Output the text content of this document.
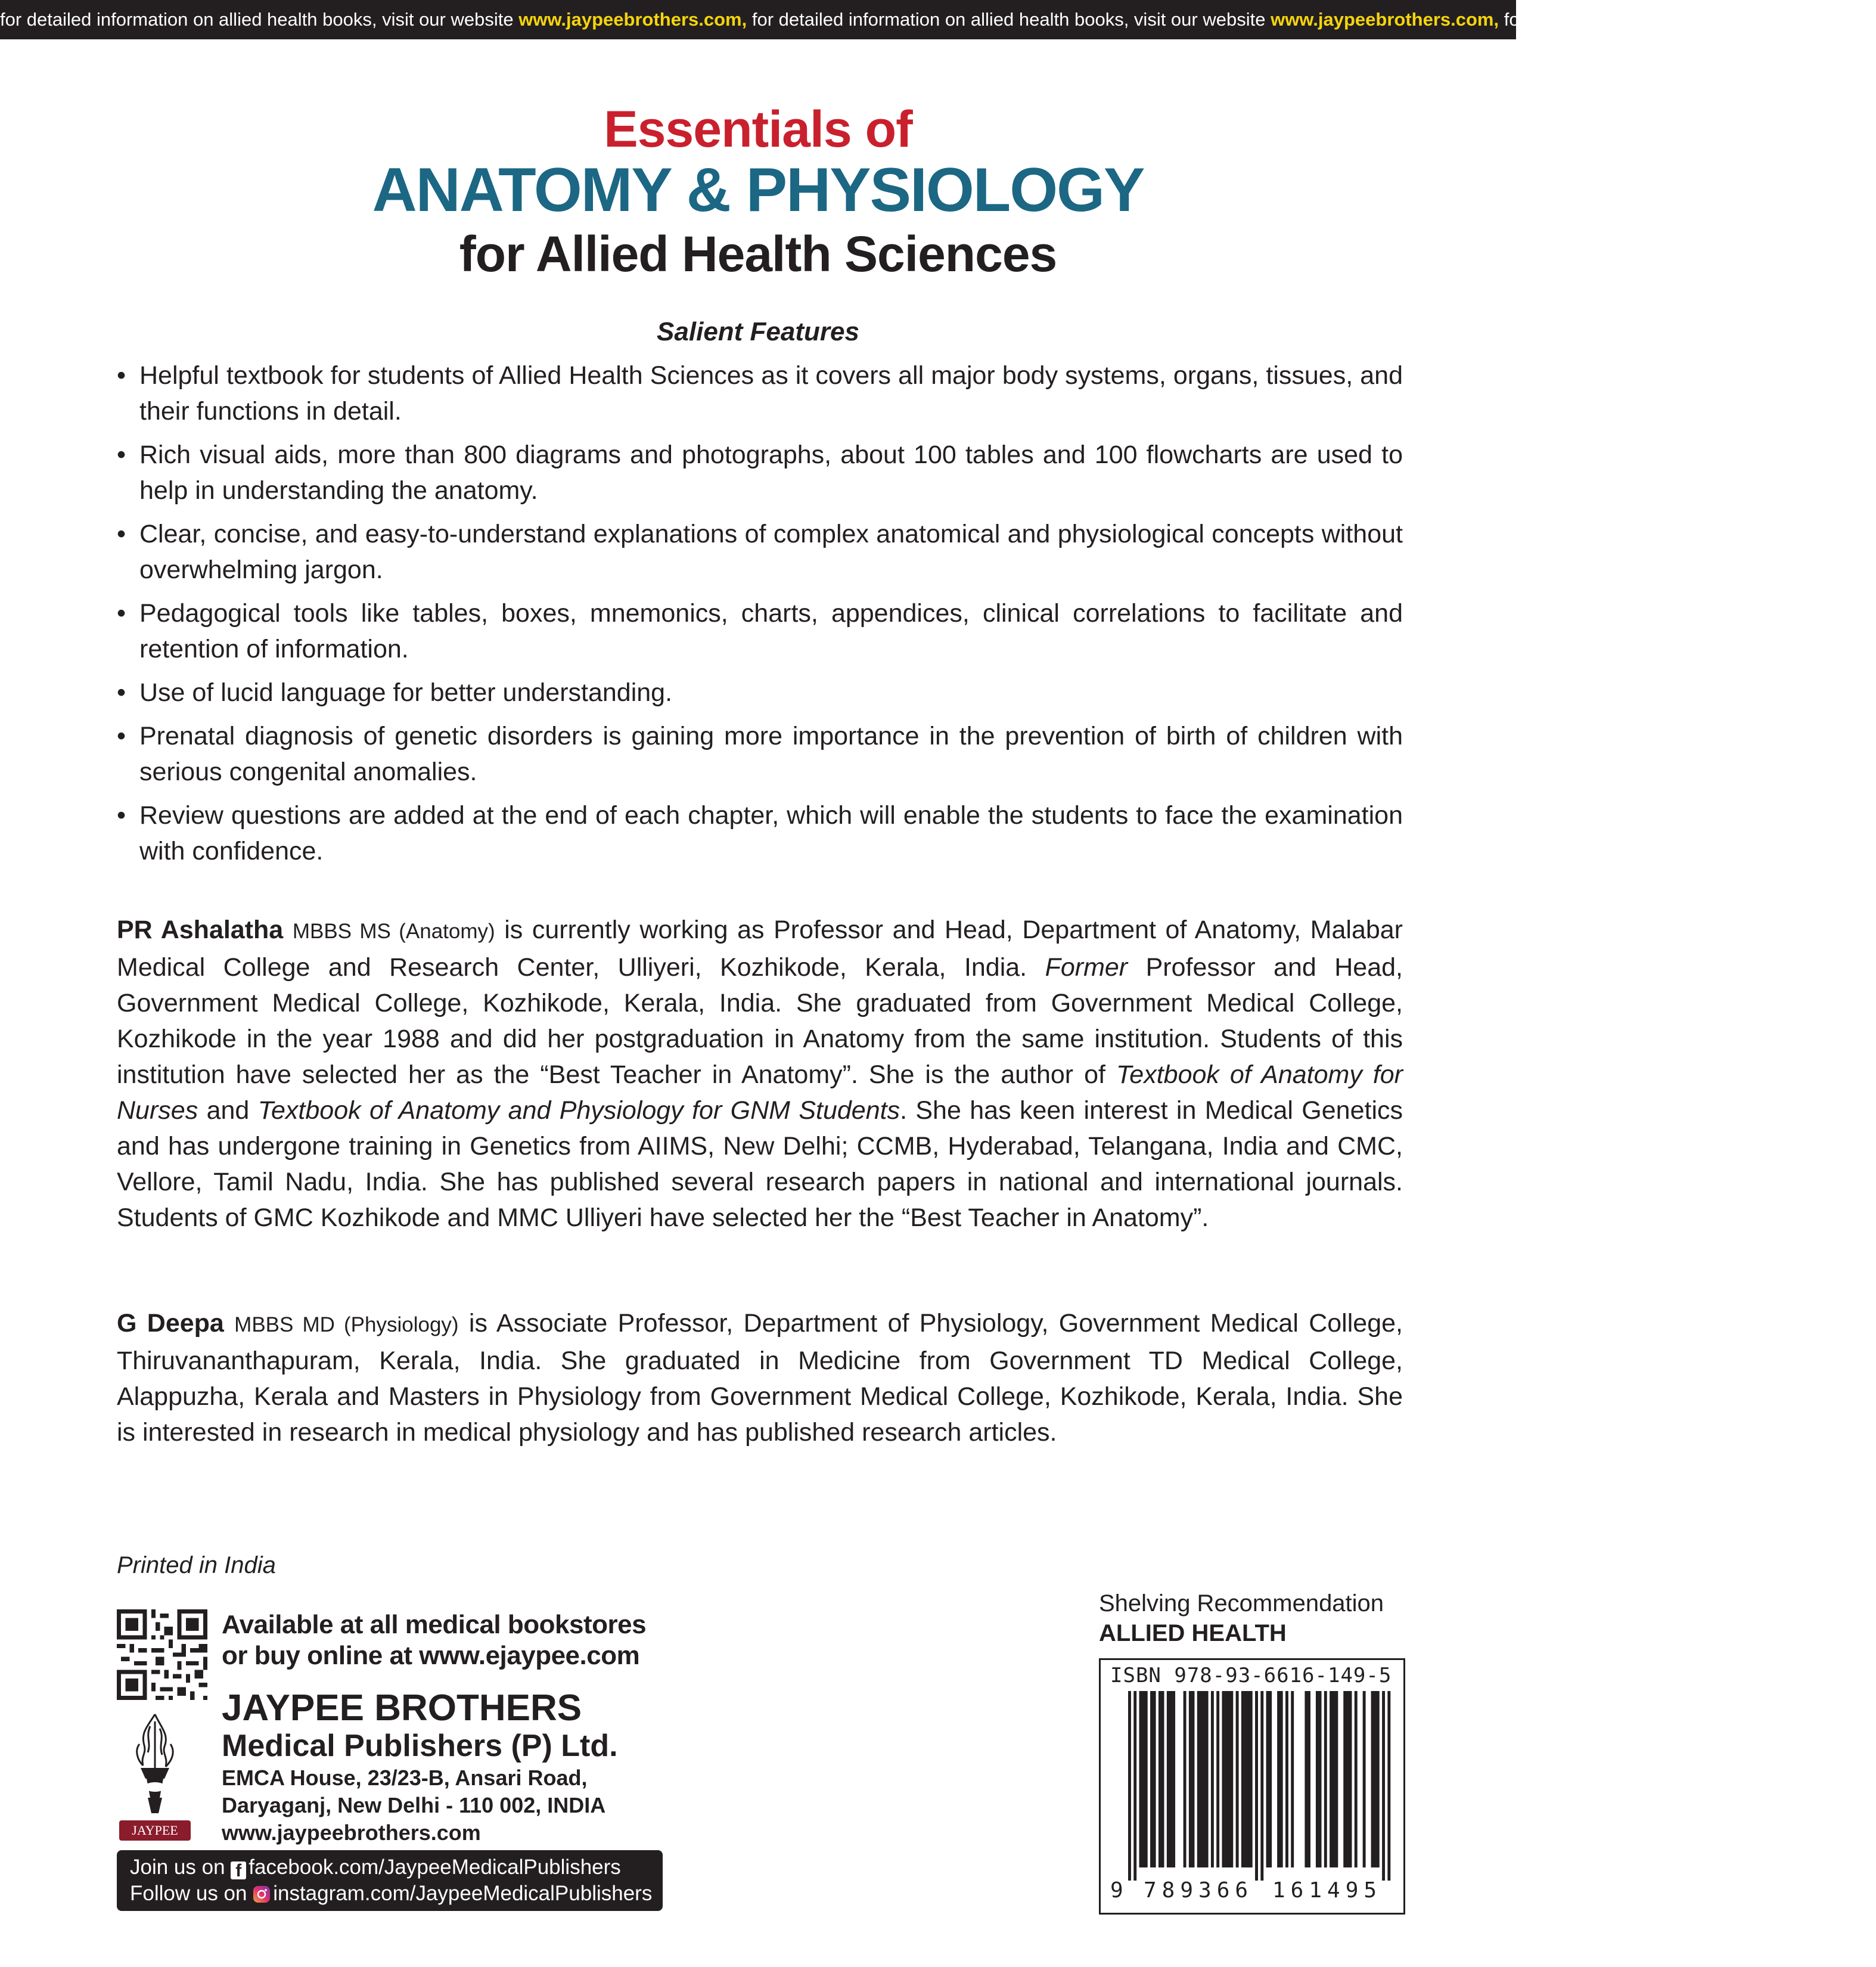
for detailed information on allied health books, visit our website www.jaypeebrothers.com, for detailed information on allied health books, visit our website www.jaypeebrothers.com, for detailed information on allied health books
Essentials of
ANATOMY & PHYSIOLOGY
for Allied Health Sciences
Salient Features
• Helpful textbook for students of Allied Health Sciences as it covers all major body systems, organs, tissues, and their functions in detail.
• Rich visual aids, more than 800 diagrams and photographs, about 100 tables and 100 flowcharts are used to help in understanding the anatomy.
• Clear, concise, and easy-to-understand explanations of complex anatomical and physiological concepts without overwhelming jargon.
• Pedagogical tools like tables, boxes, mnemonics, charts, appendices, clinical correlations to facilitate and retention of information.
• Use of lucid language for better understanding.
• Prenatal diagnosis of genetic disorders is gaining more importance in the prevention of birth of children with serious congenital anomalies.
• Review questions are added at the end of each chapter, which will enable the students to face the examination with confidence.

PR Ashalatha MBBS MS (Anatomy) is currently working as Professor and Head, Department of Anatomy, Malabar Medical College and Research Center, Ulliyeri, Kozhikode, Kerala, India. Former Professor and Head, Government Medical College, Kozhikode, Kerala, India. She graduated from Government Medical College, Kozhikode in the year 1988 and did her postgraduation in Anatomy from the same institution. Students of this institution have selected her as the “Best Teacher in Anatomy”. She is the author of Textbook of Anatomy for Nurses and Textbook of Anatomy and Physiology for GNM Students. She has keen interest in Medical Genetics and has undergone training in Genetics from AIIMS, New Delhi; CCMB, Hyderabad, Telangana, India and CMC, Vellore, Tamil Nadu, India. She has published several research papers in national and international journals. Students of GMC Kozhikode and MMC Ulliyeri have selected her the “Best Teacher in Anatomy”.

G Deepa MBBS MD (Physiology) is Associate Professor, Department of Physiology, Government Medical College, Thiruvananthapuram, Kerala, India. She graduated in Medicine from Government TD Medical College, Alappuzha, Kerala and Masters in Physiology from Government Medical College, Kozhikode, Kerala, India. She is interested in research in medical physiology and has published research articles.

Printed in India
Available at all medical bookstores
or buy online at www.ejaypee.com
JAYPEE
JAYPEE BROTHERS
Medical Publishers (P) Ltd.
EMCA House, 23/23-B, Ansari Road,
Daryaganj, New Delhi - 110 002, INDIA
www.jaypeebrothers.com
Join us on f facebook.com/JaypeeMedicalPublishers
Follow us on instagram.com/JaypeeMedicalPublishers
Shelving Recommendation
ALLIED HEALTH
ISBN 978-93-6616-149-5
9 789366 161495
